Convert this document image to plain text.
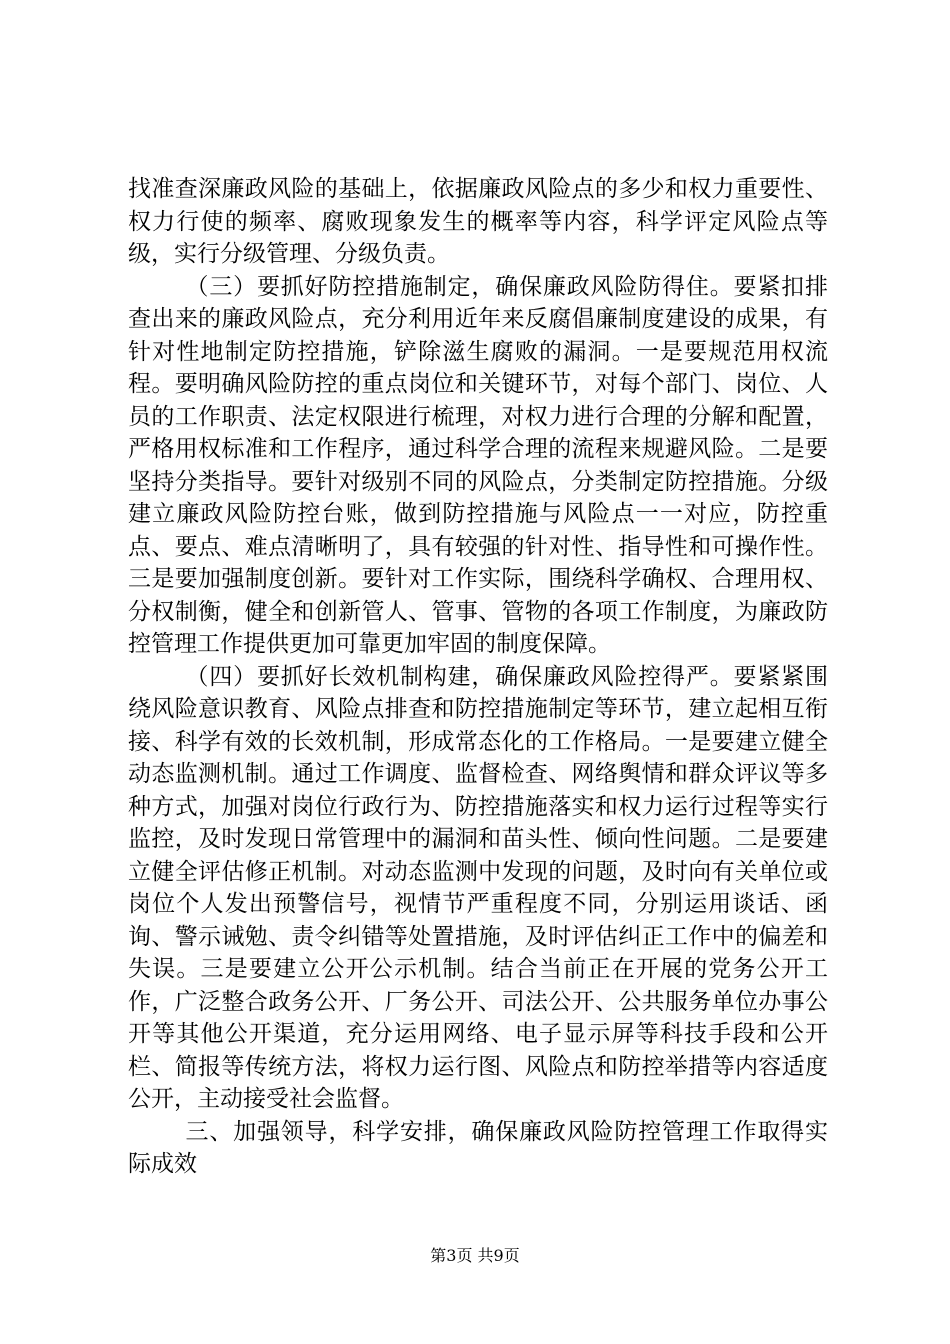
找准查深廉政风险的基础上，依据廉政风险点的多少和权力重要性、权力行使的频率、腐败现象发生的概率等内容，科学评定风险点等级，实行分级管理、分级负责。

（三）要抓好防控措施制定，确保廉政风险防得住。要紧扣排查出来的廉政风险点，充分利用近年来反腐倡廉制度建设的成果，有针对性地制定防控措施，铲除滋生腐败的漏洞。一是要规范用权流程。要明确风险防控的重点岗位和关键环节，对每个部门、岗位、人员的工作职责、法定权限进行梳理，对权力进行合理的分解和配置，严格用权标准和工作程序，通过科学合理的流程来规避风险。二是要坚持分类指导。要针对级别不同的风险点，分类制定防控措施。分级建立廉政风险防控台账，做到防控措施与风险点一一对应，防控重点、要点、难点清晰明了，具有较强的针对性、指导性和可操作性。三是要加强制度创新。要针对工作实际，围绕科学确权、合理用权、分权制衡，健全和创新管人、管事、管物的各项工作制度，为廉政防控管理工作提供更加可靠更加牢固的制度保障。

（四）要抓好长效机制构建，确保廉政风险控得严。要紧紧围绕风险意识教育、风险点排查和防控措施制定等环节，建立起相互衔接、科学有效的长效机制，形成常态化的工作格局。一是要建立健全动态监测机制。通过工作调度、监督检查、网络舆情和群众评议等多种方式，加强对岗位行政行为、防控措施落实和权力运行过程等实行监控，及时发现日常管理中的漏洞和苗头性、倾向性问题。二是要建立健全评估修正机制。对动态监测中发现的问题，及时向有关单位或岗位个人发出预警信号，视情节严重程度不同，分别运用谈话、函询、警示诫勉、责令纠错等处置措施，及时评估纠正工作中的偏差和失误。三是要建立公开公示机制。结合当前正在开展的党务公开工作，广泛整合政务公开、厂务公开、司法公开、公共服务单位办事公开等其他公开渠道，充分运用网络、电子显示屏等科技手段和公开栏、简报等传统方法，将权力运行图、风险点和防控举措等内容适度公开，主动接受社会监督。

三、加强领导，科学安排，确保廉政风险防控管理工作取得实际成效

第3页 共9页
